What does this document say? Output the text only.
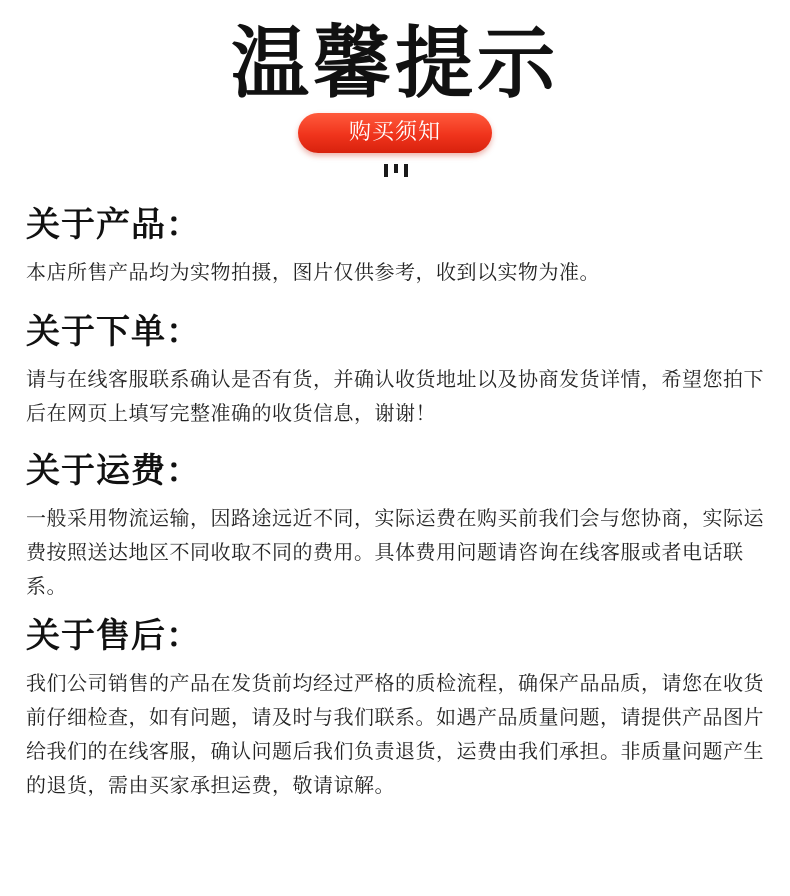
温馨提示
购买须知
关于产品：

本店所售产品均为实物拍摄，图片仅供参考，收到以实物为准。

关于下单：

请与在线客服联系确认是否有货，并确认收货地址以及协商发货详情，希望您拍下后在网页上填写完整准确的收货信息，谢谢！

关于运费：

一般采用物流运输，因路途远近不同，实际运费在购买前我们会与您协商，实际运费按照送达地区不同收取不同的费用。具体费用问题请咨询在线客服或者电话联系。

关于售后：

我们公司销售的产品在发货前均经过严格的质检流程，确保产品品质，请您在收货前仔细检查，如有问题，请及时与我们联系。如遇产品质量问题，请提供产品图片给我们的在线客服，确认问题后我们负责退货，运费由我们承担。非质量问题产生的退货，需由买家承担运费，敬请谅解。
